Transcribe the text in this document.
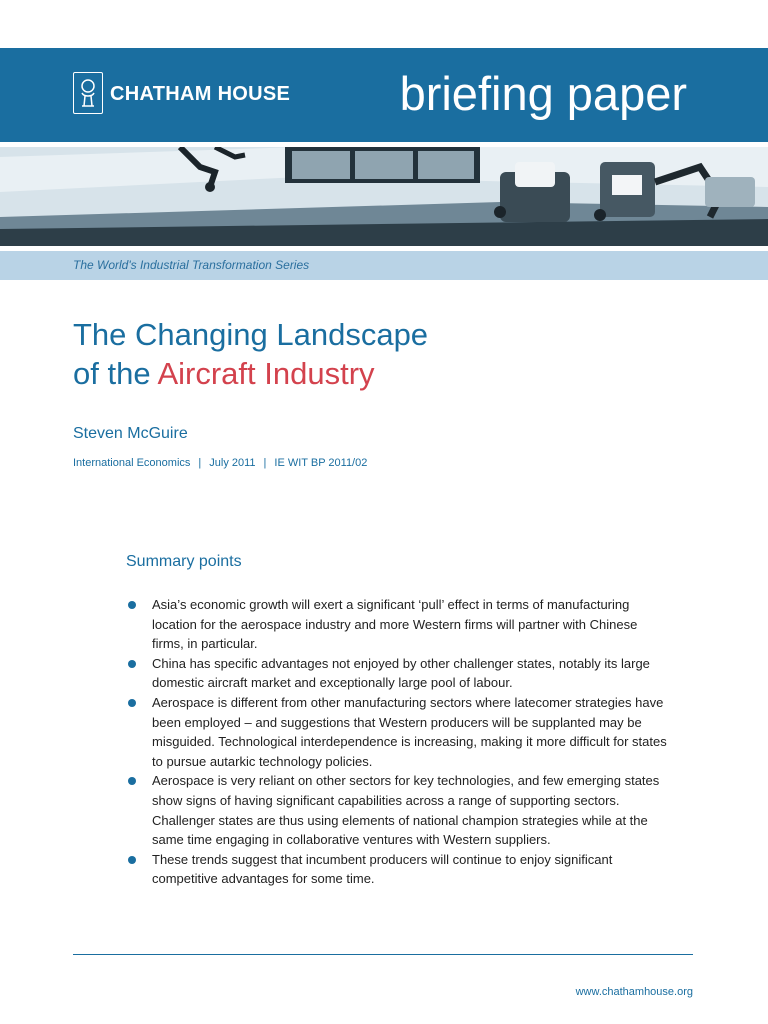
CHATHAM HOUSE briefing paper
The World's Industrial Transformation Series
The Changing Landscape
of the Aircraft Industry
Steven McGuire
International Economics | July 2011 | IE WIT BP 2011/02
Summary points
Asia’s economic growth will exert a significant ‘pull’ effect in terms of manufacturing location for the aerospace industry and more Western firms will partner with Chinese firms, in particular.
China has specific advantages not enjoyed by other challenger states, notably its large domestic aircraft market and exceptionally large pool of labour.
Aerospace is different from other manufacturing sectors where latecomer strategies have been employed – and suggestions that Western producers will be supplanted may be misguided. Technological interdependence is increasing, making it more difficult for states to pursue autarkic technology policies.
Aerospace is very reliant on other sectors for key technologies, and few emerging states show signs of having significant capabilities across a range of supporting sectors. Challenger states are thus using elements of national champion strategies while at the same time engaging in collaborative ventures with Western suppliers.
These trends suggest that incumbent producers will continue to enjoy significant competitive advantages for some time.
www.chathamhouse.org
